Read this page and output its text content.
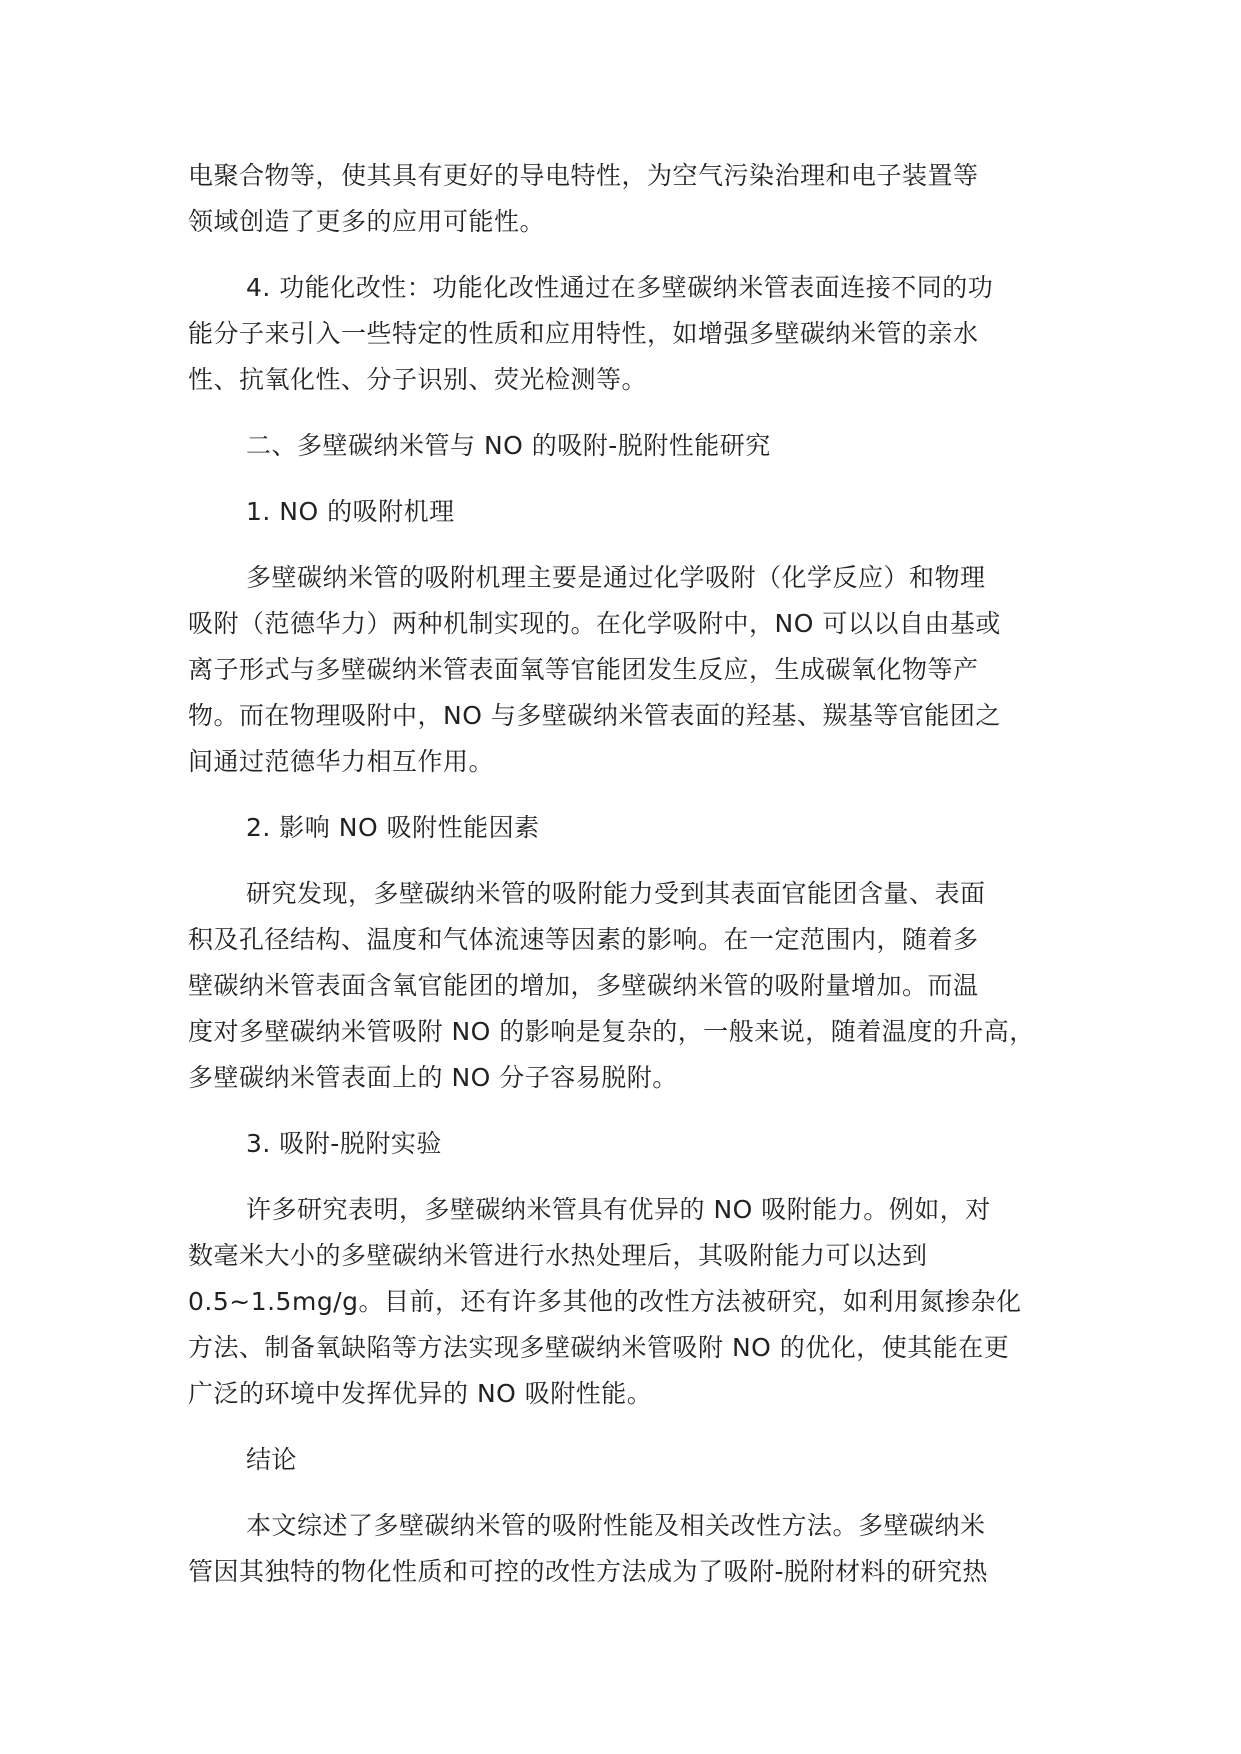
电聚合物等，使其具有更好的导电特性，为空气污染治理和电子装置等
领域创造了更多的应用可能性。
4. 功能化改性：功能化改性通过在多壁碳纳米管表面连接不同的功
能分子来引入一些特定的性质和应用特性，如增强多壁碳纳米管的亲水
性、抗氧化性、分子识别、荧光检测等。
二、多壁碳纳米管与 NO 的吸附-脱附性能研究
1. NO 的吸附机理
多壁碳纳米管的吸附机理主要是通过化学吸附（化学反应）和物理
吸附（范德华力）两种机制实现的。在化学吸附中，NO 可以以自由基或
离子形式与多壁碳纳米管表面氧等官能团发生反应，生成碳氧化物等产
物。而在物理吸附中，NO 与多壁碳纳米管表面的羟基、羰基等官能团之
间通过范德华力相互作用。
2. 影响 NO 吸附性能因素
研究发现，多壁碳纳米管的吸附能力受到其表面官能团含量、表面
积及孔径结构、温度和气体流速等因素的影响。在一定范围内，随着多
壁碳纳米管表面含氧官能团的增加，多壁碳纳米管的吸附量增加。而温
度对多壁碳纳米管吸附 NO 的影响是复杂的，一般来说，随着温度的升高，
多壁碳纳米管表面上的 NO 分子容易脱附。
3. 吸附-脱附实验
许多研究表明，多壁碳纳米管具有优异的 NO 吸附能力。例如，对
数毫米大小的多壁碳纳米管进行水热处理后，其吸附能力可以达到
0.5~1.5mg/g。目前，还有许多其他的改性方法被研究，如利用氮掺杂化
方法、制备氧缺陷等方法实现多壁碳纳米管吸附 NO 的优化，使其能在更
广泛的环境中发挥优异的 NO 吸附性能。
结论
本文综述了多壁碳纳米管的吸附性能及相关改性方法。多壁碳纳米
管因其独特的物化性质和可控的改性方法成为了吸附-脱附材料的研究热
